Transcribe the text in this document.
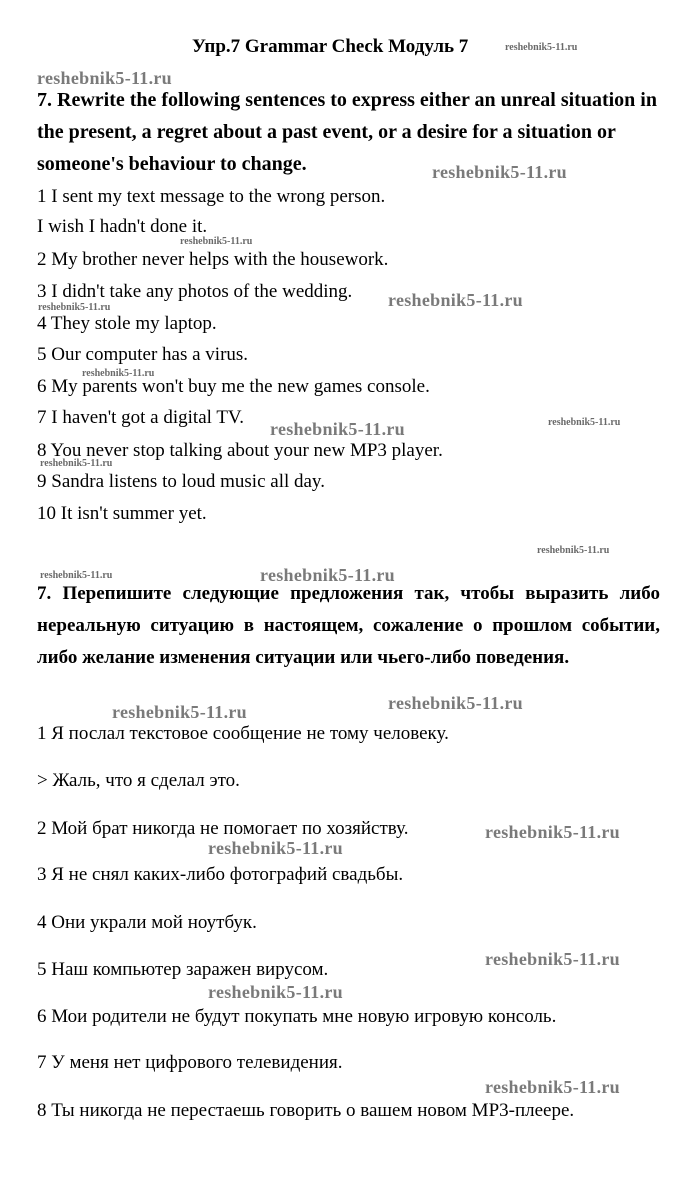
Упр.7 Grammar Check Модуль 7
7. Rewrite the following sentences to express either an unreal situation in the present, a regret about a past event, or a desire for a situation or someone's behaviour to change.
1 I sent my text message to the wrong person.
I wish I hadn't done it.
2 My brother never helps with the housework.
3 I didn't take any photos of the wedding.
4 They stole my laptop.
5 Our computer has a virus.
6 My parents won't buy me the new games console.
7 I haven't got a digital TV.
8 You never stop talking about your new MP3 player.
9 Sandra listens to loud music all day.
10 It isn't summer yet.
7. Перепишите следующие предложения так, чтобы выразить либо нереальную ситуацию в настоящем, сожаление о прошлом событии, либо желание изменения ситуации или чьего-либо поведения.
1 Я послал текстовое сообщение не тому человеку.
> Жаль, что я сделал это.
2 Мой брат никогда не помогает по хозяйству.
3 Я не снял каких-либо фотографий свадьбы.
4 Они украли мой ноутбук.
5 Наш компьютер заражен вирусом.
6 Мои родители не будут покупать мне новую игровую консоль.
7 У меня нет цифрового телевидения.
8 Ты никогда не перестаешь говорить о вашем новом MP3-плеере.
reshebnik5-11.ru
reshebnik5-11.ru
reshebnik5-11.ru
reshebnik5-11.ru
reshebnik5-11.ru
reshebnik5-11.ru
reshebnik5-11.ru
reshebnik5-11.ru	reshebnik5-11.ru
reshebnik5-11.ru
reshebnik5-11.ru
reshebnik5-11.ru	reshebnik5-11.ru
reshebnik5-11.ru
reshebnik5-11.ru
reshebnik5-11.ru
reshebnik5-11.ru
reshebnik5-11.ru
reshebnik5-11.ru
reshebnik5-11.ru
